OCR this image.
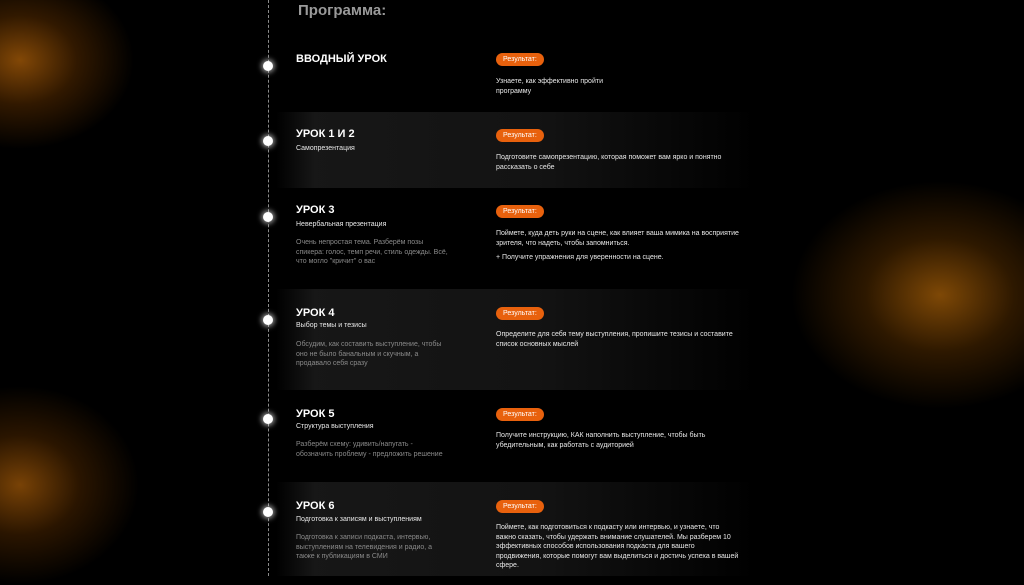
Программа:
ВВОДНЫЙ УРОК	Результат:
Узнаете, как эффективно пройти программу
УРОК 1 И 2
Самопрезентация
Результат:
Подготовите самопрезентацию, которая поможет вам ярко и понятно рассказать о себе
УРОК 3
Невербальная презентация
Очень непростая тема. Разберём позы спикера: голос, темп речи, стиль одежды. Всё, что могло "кричит" о вас
Результат:
Поймете, куда деть руки на сцене, как влияет ваша мимика на восприятие зрителя, что надеть, чтобы запомниться.
+ Получите упражнения для уверенности на сцене.
УРОК 4
Выбор темы и тезисы
Обсудим, как составить выступление, чтобы оно не было банальным и скучным, а продавало себя сразу
Результат:
Определите для себя тему выступления, пропишите тезисы и составите список основных мыслей
УРОК 5
Структура выступления
Разберём схему: удивить/напугать - обозначить проблему - предложить решение
Результат:
Получите инструкцию, КАК наполнить выступление, чтобы быть убедительным, как работать с аудиторией
УРОК 6
Подготовка к записям и выступлениям
Подготовка к записи подкаста, интервью, выступлениям на телевидения и радио, а также к публикациям в СМИ
Результат:
Поймете, как подготовиться к подкасту или интервью, и узнаете, что важно сказать, чтобы удержать внимание слушателей. Мы разберем 10 эффективных способов использования подкаста для вашего продвижения, которые помогут вам выделиться и достичь успеха в вашей сфере.
